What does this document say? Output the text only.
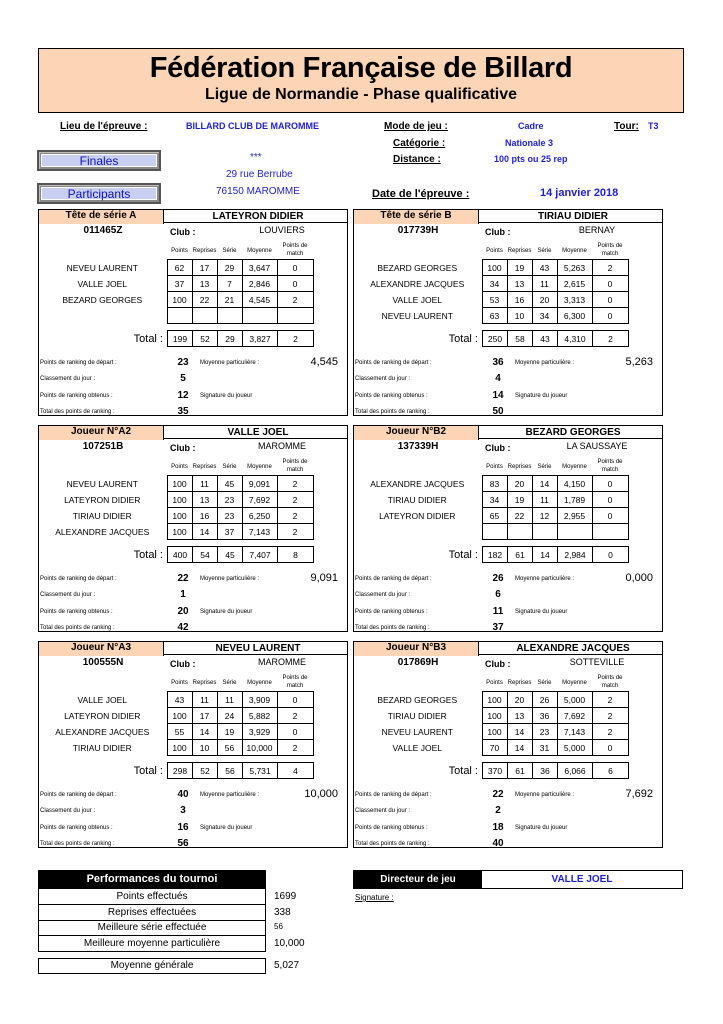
Fédération Française de Billard
Ligue de Normandie - Phase qualificative
Lieu de l'épreuve :	BILLARD CLUB DE MAROMME	Mode de jeu :	Cadre	Tour: T3
Catégorie :	Nationale 3
Finales	***	Distance :	100 pts ou 25 rep
29 rue Berrube
Participants	76150 MAROMME	Date de l'épreuve :	14 janvier 2018
Tête de série A	LATEYRON DIDIER
011465Z	Club :	LOUVIERS
Points Reprises	Série	Moyenne
Points de match
NEVEU LAURENT	62	17	29	3,647	0
VALLE JOEL	37	13	7	2,846	0
BEZARD GEORGES	100	22	21	4,545	2

Total : 199	52	29	3,827	2
Points de ranking de départ :	23	Moyenne particulière :	4,545
Classement du jour :	5
Points de ranking obtenus :	12	Signature du joueur
Total des points de ranking :	35
Tête de série B	TIRIAU DIDIER
017739H	Club :	BERNAY
Points Reprises	Série	Moyenne
Points de match
BEZARD GEORGES	100	19	43	5,263	2
ALEXANDRE JACQUES	34	13	11	2,615	0
VALLE JOEL	53	16	20	3,313	0
NEVEU LAURENT	63	10	34	6,300	0
Total : 250	58	43	4,310	2
Points de ranking de départ :	36	Moyenne particulière :	5,263
Classement du jour :	4
Points de ranking obtenus :	14	Signature du joueur
Total des points de ranking :	50
Joueur N°A2	VALLE JOEL
107251B	Club :	MAROMME
Points Reprises	Série	Moyenne
Points de match
NEVEU LAURENT	100	11	45	9,091	2
LATEYRON DIDIER	100	13	23	7,692	2
TIRIAU DIDIER	100	16	23	6,250	2
ALEXANDRE JACQUES	100	14	37	7,143	2
Total : 400	54	45	7,407	8
Points de ranking de départ :	22	Moyenne particulière :	9,091
Classement du jour :	1
Points de ranking obtenus :	20	Signature du joueur
Total des points de ranking :	42
Joueur N°B2	BEZARD GEORGES
137339H	Club :	LA SAUSSAYE
Points Reprises	Série	Moyenne
Points de match
ALEXANDRE JACQUES	83	20	14	4,150	0
TIRIAU DIDIER	34	19	11	1,789	0
LATEYRON DIDIER	65	22	12	2,955	0

Total : 182	61	14	2,984	0
Points de ranking de départ :	26	Moyenne particulière :	0,000
Classement du jour :	6
Points de ranking obtenus :	11	Signature du joueur
Total des points de ranking :	37
Joueur N°A3	NEVEU LAURENT
100555N	Club :	MAROMME
Points Reprises	Série	Moyenne
Points de match
VALLE JOEL	43	11	11	3,909	0
LATEYRON DIDIER	100	17	24	5,882	2
ALEXANDRE JACQUES	55	14	19	3,929	0
TIRIAU DIDIER	100	10	56	10,000	2
Total : 298	52	56	5,731	4
Points de ranking de départ :	40	Moyenne particulière :	10,000
Classement du jour :	3
Points de ranking obtenus :	16	Signature du joueur
Total des points de ranking :	56
Joueur N°B3	ALEXANDRE JACQUES
017869H	Club :	SOTTEVILLE
Points Reprises	Série	Moyenne
Points de match
BEZARD GEORGES	100	20	26	5,000	2
TIRIAU DIDIER	100	13	36	7,692	2
NEVEU LAURENT	100	14	23	7,143	2
VALLE JOEL	70	14	31	5,000	0
Total : 370	61	36	6,066	6
Points de ranking de départ :	22	Moyenne particulière :	7,692
Classement du jour :	2
Points de ranking obtenus :	18	Signature du joueur
Total des points de ranking :	40
Performances du tournoi
Points effectués	1699
Reprises effectuées	338
Meilleure série effectuée	56
Meilleure moyenne particulière	10,000
Moyenne générale	5,027
Directeur de jeu	VALLE JOEL
Signature :
